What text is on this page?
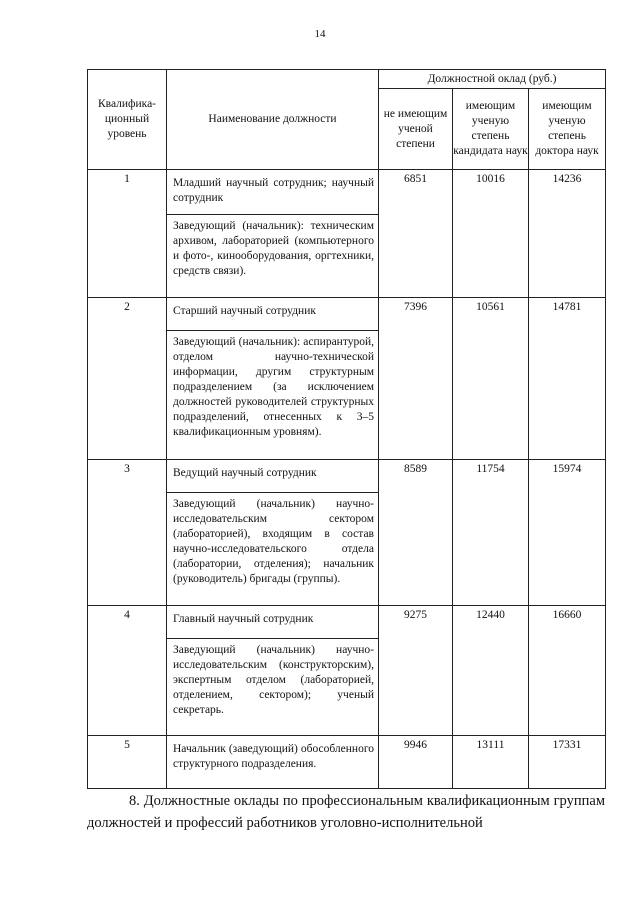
14
Квалифика-ционный уровень	Наименование должности	Должностной оклад (руб.)		
		не имеющим ученой степени	имеющим ученую степень кандидата наук	имеющим ученую степень доктора наук
1	Младший научный сотрудник; научный сотрудник	6851	10016	14236
	Заведующий (начальник): техническим архивом, лабораторией (компьютерного и фото-, кинооборудования, оргтехники, средств связи).			
2	Старший научный сотрудник	7396	10561	14781
	Заведующий (начальник): аспирантурой, отделом научно-технической информации, другим структурным подразделением (за исключением должностей руководителей структурных подразделений, отнесенных к 3–5 квалификационным уровням).			
3	Ведущий научный сотрудник	8589	11754	15974
	Заведующий (начальник) научно-исследовательским сектором (лабораторией), входящим в состав научно-исследовательского отдела (лаборатории, отделения); начальник (руководитель) бригады (группы).			
4	Главный научный сотрудник	9275	12440	16660
	Заведующий (начальник) научно-исследовательским (конструкторским), экспертным отделом (лабораторией, отделением, сектором); ученый секретарь.			
5	Начальник (заведующий) обособленного структурного подразделения.	9946	13111	17331
8. Должностные оклады по профессиональным квалификационным группам должностей и профессий работников уголовно-исполнительной
